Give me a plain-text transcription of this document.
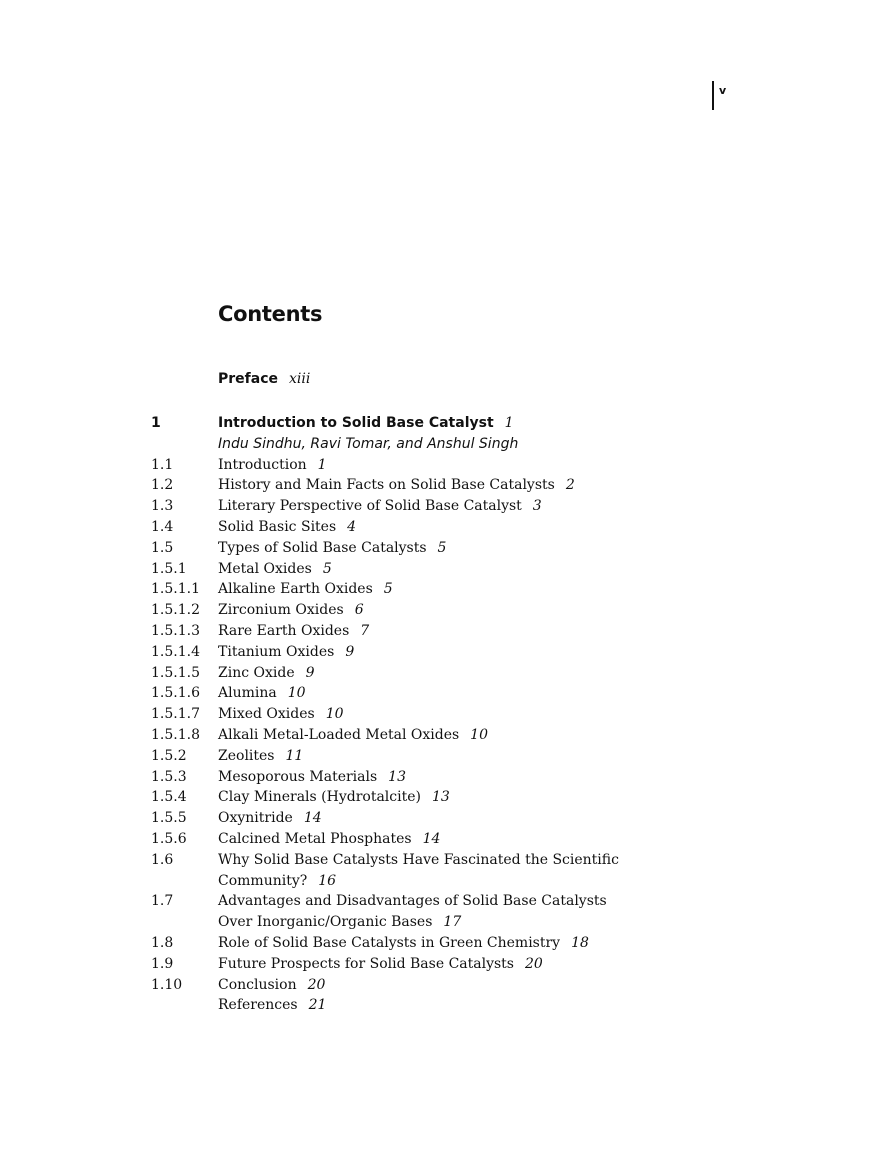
v
Contents
Preface xiii
1	Introduction to Solid Base Catalyst 1
Indu Sindhu, Ravi Tomar, and Anshul Singh
1.1	Introduction 1
1.2	History and Main Facts on Solid Base Catalysts 2
1.3	Literary Perspective of Solid Base Catalyst 3
1.4	Solid Basic Sites 4
1.5	Types of Solid Base Catalysts 5
1.5.1 Metal Oxides 5
1.5.1.1 Alkaline Earth Oxides 5
1.5.1.2 Zirconium Oxides 6
1.5.1.3 Rare Earth Oxides 7
1.5.1.4 Titanium Oxides 9
1.5.1.5 Zinc Oxide 9
1.5.1.6 Alumina 10
1.5.1.7 Mixed Oxides 10
1.5.1.8 Alkali Metal-Loaded Metal Oxides 10
1.5.2 Zeolites 11
1.5.3 Mesoporous Materials 13
1.5.4 Clay Minerals (Hydrotalcite) 13
1.5.5 Oxynitride 14
1.5.6 Calcined Metal Phosphates 14
1.6	Why Solid Base Catalysts Have Fascinated the Scientific Community? 16
1.7	Advantages and Disadvantages of Solid Base Catalysts Over Inorganic/Organic Bases 17
1.8	Role of Solid Base Catalysts in Green Chemistry 18
1.9	Future Prospects for Solid Base Catalysts 20
1.10	Conclusion 20
References 21
